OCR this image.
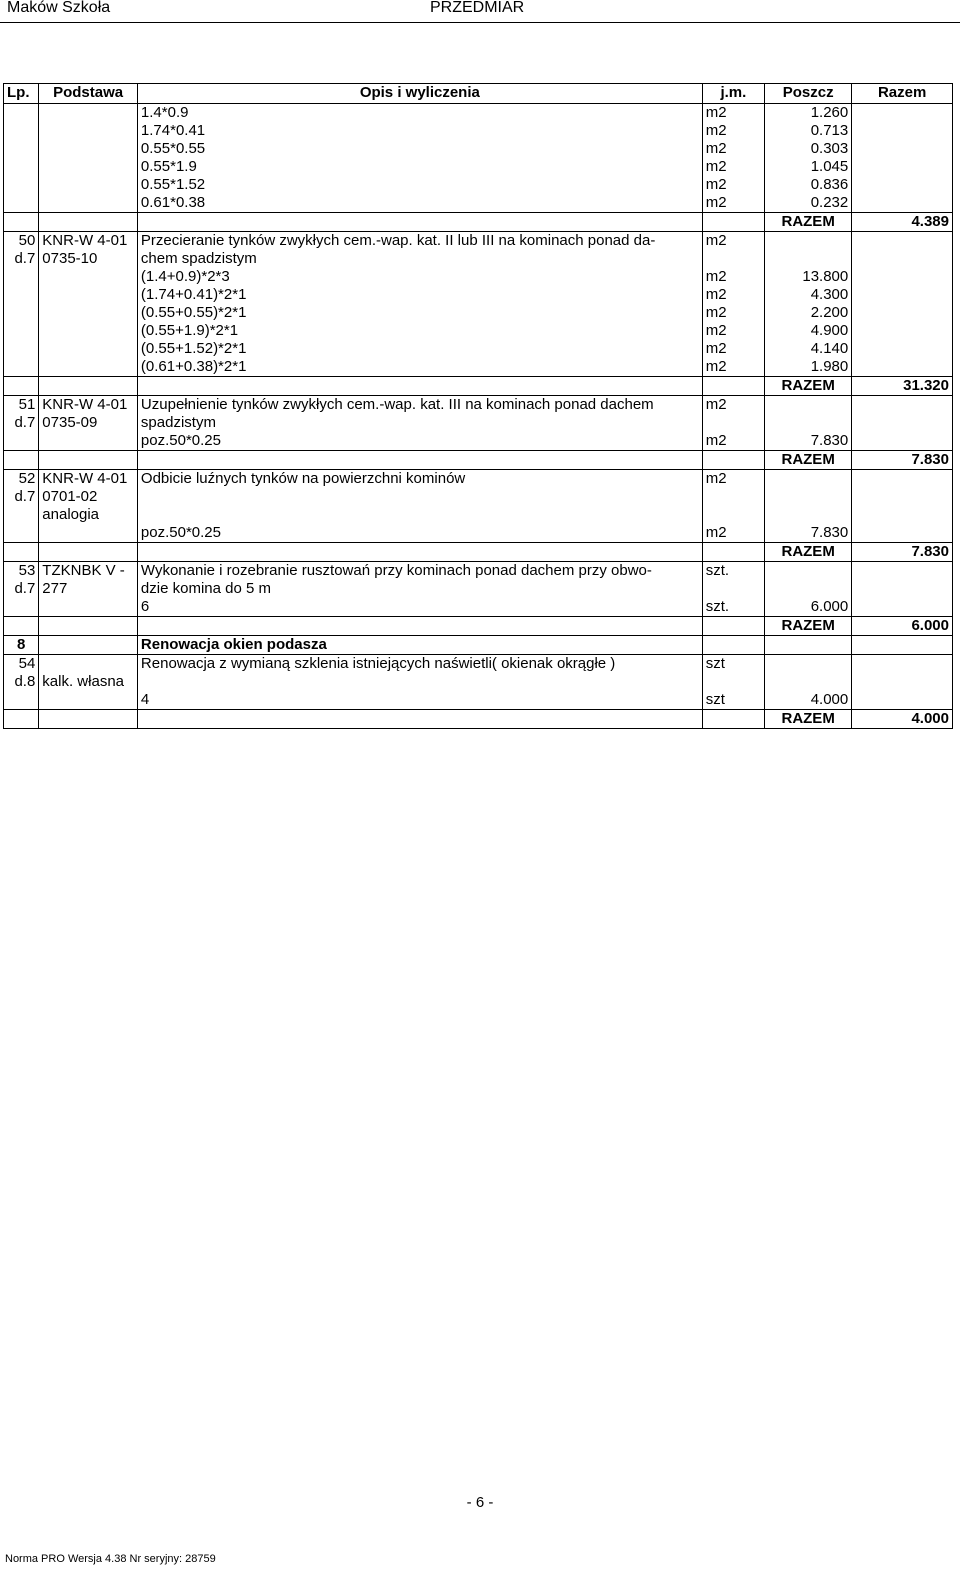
Maków Szkoła	PRZEDMIAR
Lp.	Podstawa	Opis i wyliczenia	j.m.	Poszcz	Razem
		1.4*0.9	m2	1.260	
		1.74*0.41	m2	0.713	
		0.55*0.55	m2	0.303	
		0.55*1.9	m2	1.045	
		0.55*1.52	m2	0.836	
		0.61*0.38	m2	0.232	
				RAZEM	4.389
50	KNR-W 4-01	Przecieranie tynków zwykłych cem.-wap. kat. II lub III na kominach ponad da-	m2		
d.7	0735-10	chem spadzistym			
		(1.4+0.9)*2*3	m2	13.800	
		(1.74+0.41)*2*1	m2	4.300	
		(0.55+0.55)*2*1	m2	2.200	
		(0.55+1.9)*2*1	m2	4.900	
		(0.55+1.52)*2*1	m2	4.140	
		(0.61+0.38)*2*1	m2	1.980	
				RAZEM	31.320
51	KNR-W 4-01	Uzupełnienie tynków zwykłych cem.-wap. kat. III na kominach ponad dachem	m2		
d.7	0735-09	spadzistym			
		poz.50*0.25	m2	7.830	
				RAZEM	7.830
52	KNR-W 4-01	Odbicie luźnych tynków na powierzchni kominów	m2		
d.7	0701-02				
	analogia				
		poz.50*0.25	m2	7.830	
				RAZEM	7.830
53	TZKNBK V -	Wykonanie i rozebranie rusztowań przy kominach ponad dachem przy obwo-	szt.		
d.7	277	dzie komina do 5 m			
		6	szt.	6.000	
				RAZEM	6.000
8		Renowacja okien podasza			
54		Renowacja z wymianą szklenia istniejących naświetli( okienak okrągłe )	szt		
d.8	kalk. własna				
		4	szt	4.000	
				RAZEM	4.000
- 6 -
Norma PRO Wersja 4.38 Nr seryjny: 28759
